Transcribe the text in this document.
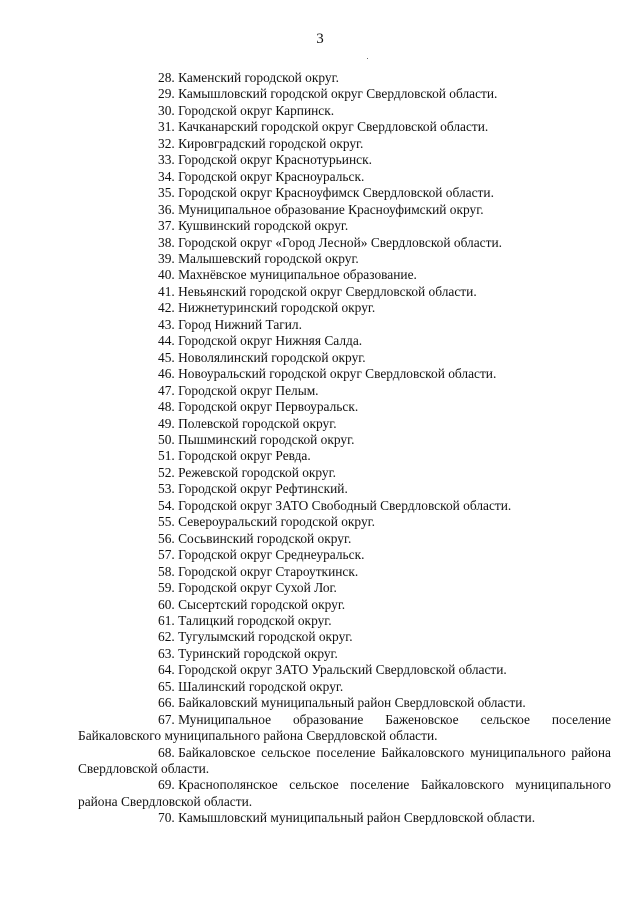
3
28. Каменский городской округ.
29. Камышловский городской округ Свердловской области.
30. Городской округ Карпинск.
31. Качканарский городской округ Свердловской области.
32. Кировградский городской округ.
33. Городской округ Краснотурьинск.
34. Городской округ Красноуральск.
35. Городской округ Красноуфимск Свердловской области.
36. Муниципальное образование Красноуфимский округ.
37. Кушвинский городской округ.
38. Городской округ «Город Лесной» Свердловской области.
39. Малышевский городской округ.
40. Махнёвское муниципальное образование.
41. Невьянский городской округ Свердловской области.
42. Нижнетуринский городской округ.
43. Город Нижний Тагил.
44. Городской округ Нижняя Салда.
45. Новолялинский городской округ.
46. Новоуральский городской округ Свердловской области.
47. Городской округ Пелым.
48. Городской округ Первоуральск.
49. Полевской городской округ.
50. Пышминский городской округ.
51. Городской округ Ревда.
52. Режевской городской округ.
53. Городской округ Рефтинский.
54. Городской округ ЗАТО Свободный Свердловской области.
55. Североуральский городской округ.
56. Сосьвинский городской округ.
57. Городской округ Среднеуральск.
58. Городской округ Староуткинск.
59. Городской округ Сухой Лог.
60. Сысертский городской округ.
61. Талицкий городской округ.
62. Тугулымский городской округ.
63. Туринский городской округ.
64. Городской округ ЗАТО Уральский Свердловской области.
65. Шалинский городской округ.
66. Байкаловский муниципальный район Свердловской области.
67. Муниципальное образование Баженовское сельское поселение Байкаловского муниципального района Свердловской области.
68. Байкаловское сельское поселение Байкаловского муниципального района Свердловской области.
69. Краснополянское сельское поселение Байкаловского муниципального района Свердловской области.
70. Камышловский муниципальный район Свердловской области.
